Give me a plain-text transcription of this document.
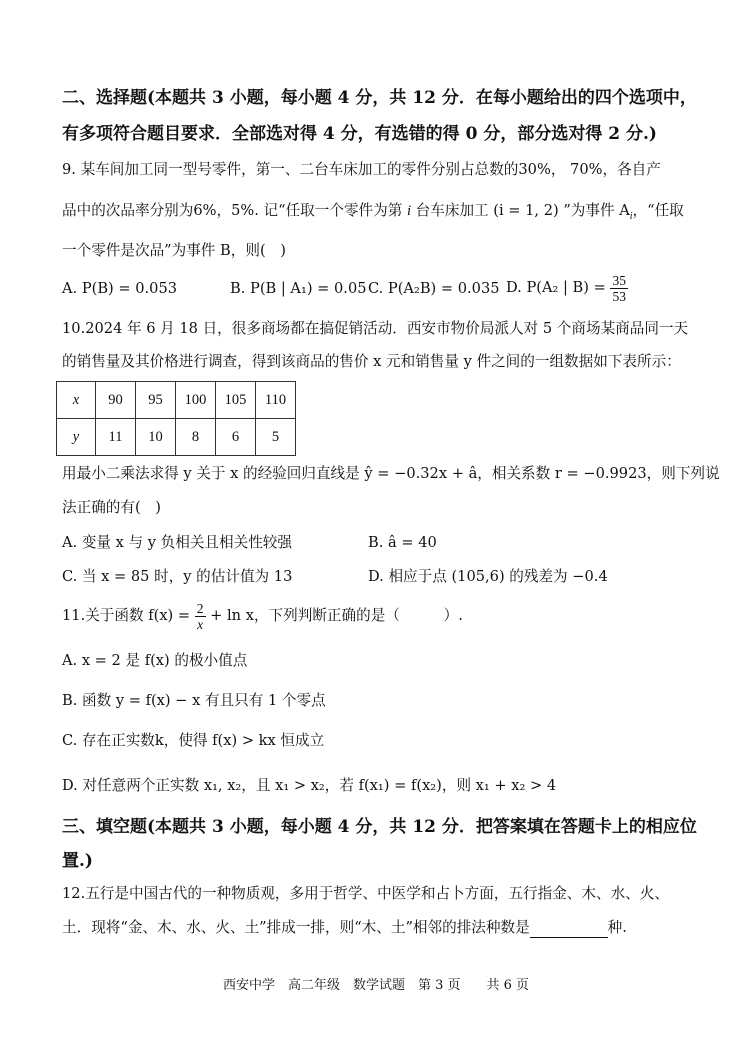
二、选择题(本题共 3 小题，每小题 4 分，共 12 分．在每小题给出的四个选项中，
有多项符合题目要求．全部选对得 4 分，有选错的得 0 分，部分选对得 2 分.)
9. 某车间加工同一型号零件，第一、二台车床加工的零件分别占总数的30%， 70%，各自产
品中的次品率分别为6%，5%. 记“任取一个零件为第 i 台车床加工 (i = 1, 2) ”为事件 $A_i$，“任取
一个零件是次品”为事件 B，则(　)
A. P(B) = 0.053	B. P(B | A₁) = 0.05 C. P(A₂B) = 0.035 D. P(A₂ | $B) = \frac{35}{53}$
10.2024 年 6 月 18 日，很多商场都在搞促销活动．西安市物价局派人对 5 个商场某商品同一天
的销售量及其价格进行调查，得到该商品的售价 x 元和销售量 y 件之间的一组数据如下表所示：
x	90	95	100	105	110
y	11	10	8	6	5
用最小二乘法求得 y 关于 x 的经验回归直线是 ŷ = −0.32x + â，相关系数 r = −0.9923，则下列说
法正确的有(　)
A. 变量 x 与 y 负相关且相关性较强	B. â = 40
C. 当 x = 85 时，y 的估计值为 13	D. 相应于点 (105,6) 的残差为 −0.4
11.关于函数 $f(x) = \frac{2}{x} + \ln x$，下列判断正确的是（　　　）.
A. x = 2 是 f(x) 的极小值点
B. 函数 y = f(x) − x 有且只有 1 个零点
C. 存在正实数k，使得 f(x) > kx 恒成立
D. 对任意两个正实数 x₁, x₂，且 x₁ > x₂，若 f(x₁) = f(x₂)，则 x₁ + x₂ > 4
三、填空题(本题共 3 小题，每小题 4 分，共 12 分．把答案填在答题卡上的相应位
置.)
12.五行是中国古代的一种物质观，多用于哲学、中医学和占卜方面，五行指金、木、水、火、
土．现将“金、木、水、火、土”排成一排，则“木、土”相邻的排法种数是	种.
西安中学　高二年级　数学试题　第 3 页　　共 6 页
